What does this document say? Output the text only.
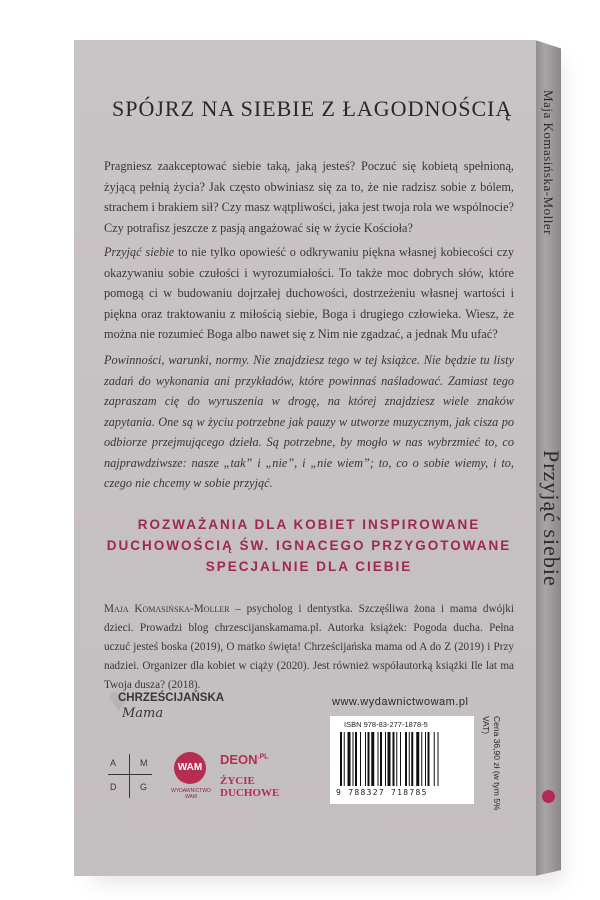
Maja Komasińska-Moller
Przyjąć siebie
SPÓJRZ NA SIEBIE Z ŁAGODNOŚCIĄ

Pragniesz zaakceptować siebie taką, jaką jesteś? Poczuć się kobietą spełnioną, żyjącą pełnią życia? Jak często obwiniasz się za to, że nie radzisz sobie z bólem, strachem i brakiem sił? Czy masz wątpliwości, jaka jest twoja rola we wspólnocie? Czy potrafisz jeszcze z pasją angażować się w życie Kościoła?

Przyjąć siebie to nie tylko opowieść o odkrywaniu piękna własnej kobiecości czy okazywaniu sobie czułości i wyrozumiałości. To także moc dobrych słów, które pomogą ci w budowaniu dojrzałej duchowości, dostrzeżeniu własnej wartości i piękna oraz traktowaniu z miłością siebie, Boga i drugiego człowieka. Wiesz, że można nie rozumieć Boga albo nawet się z Nim nie zgadzać, a jednak Mu ufać?

Powinności, warunki, normy. Nie znajdziesz tego w tej książce. Nie będzie tu listy zadań do wykonania ani przykładów, które powinnaś naśladować. Zamiast tego zapraszam cię do wyruszenia w drogę, na której znajdziesz wiele znaków zapytania. One są w życiu potrzebne jak pauzy w utworze muzycznym, jak cisza po odbiorze przejmującego dzieła. Są potrzebne, by mogło w nas wybrzmieć to, co najprawdziwsze: nasze „tak” i „nie”, i „nie wiem”; to, co o sobie wiemy, i to, czego nie chcemy w sobie przyjąć.

ROZWAŻANIA DLA KOBIET INSPIROWANE DUCHOWOŚCIĄ ŚW. IGNACEGO PRZYGOTOWANE SPECJALNIE DLA CIEBIE

Maja Komasińska-Moller – psycholog i dentystka. Szczęśliwa żona i mama dwójki dzieci. Prowadzi blog chrzescijanskamama.pl. Autorka książek: Pogoda ducha. Pełna uczuć jesteś boska (2019), O matko święta! Chrześcijańska mama od A do Z (2019) i Przy nadziei. Organizer dla kobiet w ciąży (2020). Jest również współautorką książki Ile lat ma Twoja dusza? (2018).

♥
CHRZEŚCIJAŃSKA
Mama
A	M
D	G
WAM
WYDAWNICTWO WAM
$DEON^{.PL}$
ŻYCIE
DUCHOWE
www.wydawnictwowam.pl
ISBN 978-83-277-1878-5
9 788327 718785	Cena 36,90 zł (w tym 5% VAT)
